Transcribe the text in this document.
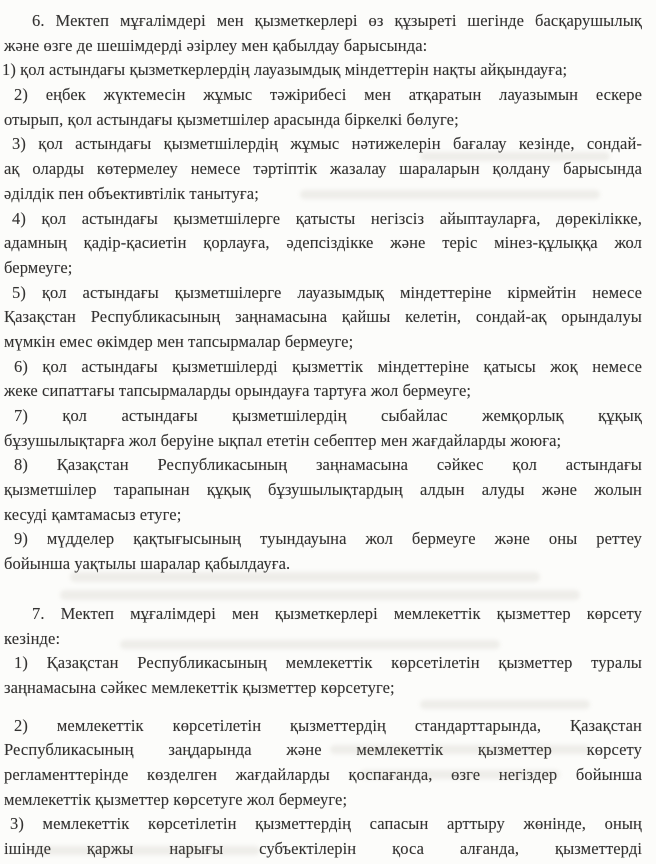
6. Мектеп мұғалімдері мен қызметкерлері өз құзыреті шегінде басқарушылық
және өзге де шешімдерді әзірлеу мен қабылдау барысында:
1) қол астындағы қызметкерлердің лауазымдық міндеттерін нақты айқындауға;
2) еңбек жүктемесін жұмыс тәжірибесі мен атқаратын лауазымын ескере
отырып, қол астындағы қызметшілер арасында біркелкі бөлуге;
3) қол астындағы қызметшілердің жұмыс нәтижелерін бағалау кезінде, сондай-
ақ оларды көтермелеу немесе тәртіптік жазалау шараларын қолдану барысында
әділдік пен объективтілік танытуға;
4) қол астындағы қызметшілерге қатысты негізсіз айыптауларға, дөрекілікке,
адамның қадір-қасиетін қорлауға, әдепсіздікке және теріс мінез-құлыққа жол
бермеуге;
5) қол астындағы қызметшілерге лауазымдық міндеттеріне кірмейтін немесе
Қазақстан Республикасының заңнамасына қайшы келетін, сондай-ақ орындалуы
мүмкін емес өкімдер мен тапсырмалар бермеуге;
6) қол астындағы қызметшілерді қызметтік міндеттеріне қатысы жоқ немесе
жеке сипаттағы тапсырмаларды орындауға тартуға жол бермеуге;
7) қол астындағы қызметшілердің сыбайлас жемқорлық құқық
бұзушылықтарға жол беруіне ықпал ететін себептер мен жағдайларды жоюға;
8) Қазақстан Республикасының заңнамасына сәйкес қол астындағы
қызметшілер тарапынан құқық бұзушылықтардың алдын алуды және жолын
кесуді қамтамасыз етуге;
9) мүдделер қақтығысының туындауына жол бермеуге және оны реттеу
бойынша уақтылы шаралар қабылдауға.
7. Мектеп мұғалімдері мен қызметкерлері мемлекеттік қызметтер көрсету
кезінде:
1) Қазақстан Республикасының мемлекеттік көрсетілетін қызметтер туралы
заңнамасына сәйкес мемлекеттік қызметтер көрсетуге;
2) мемлекеттік көрсетілетін қызметтердің стандарттарында, Қазақстан
Республикасының заңдарында және мемлекеттік қызметтер көрсету
регламенттерінде көзделген жағдайларды қоспағанда, өзге негіздер бойынша
мемлекеттік қызметтер көрсетуге жол бермеуге;
3) мемлекеттік көрсетілетін қызметтердің сапасын арттыру жөнінде, оның
ішінде қаржы нарығы субъектілерін қоса алғанда, қызметтерді
